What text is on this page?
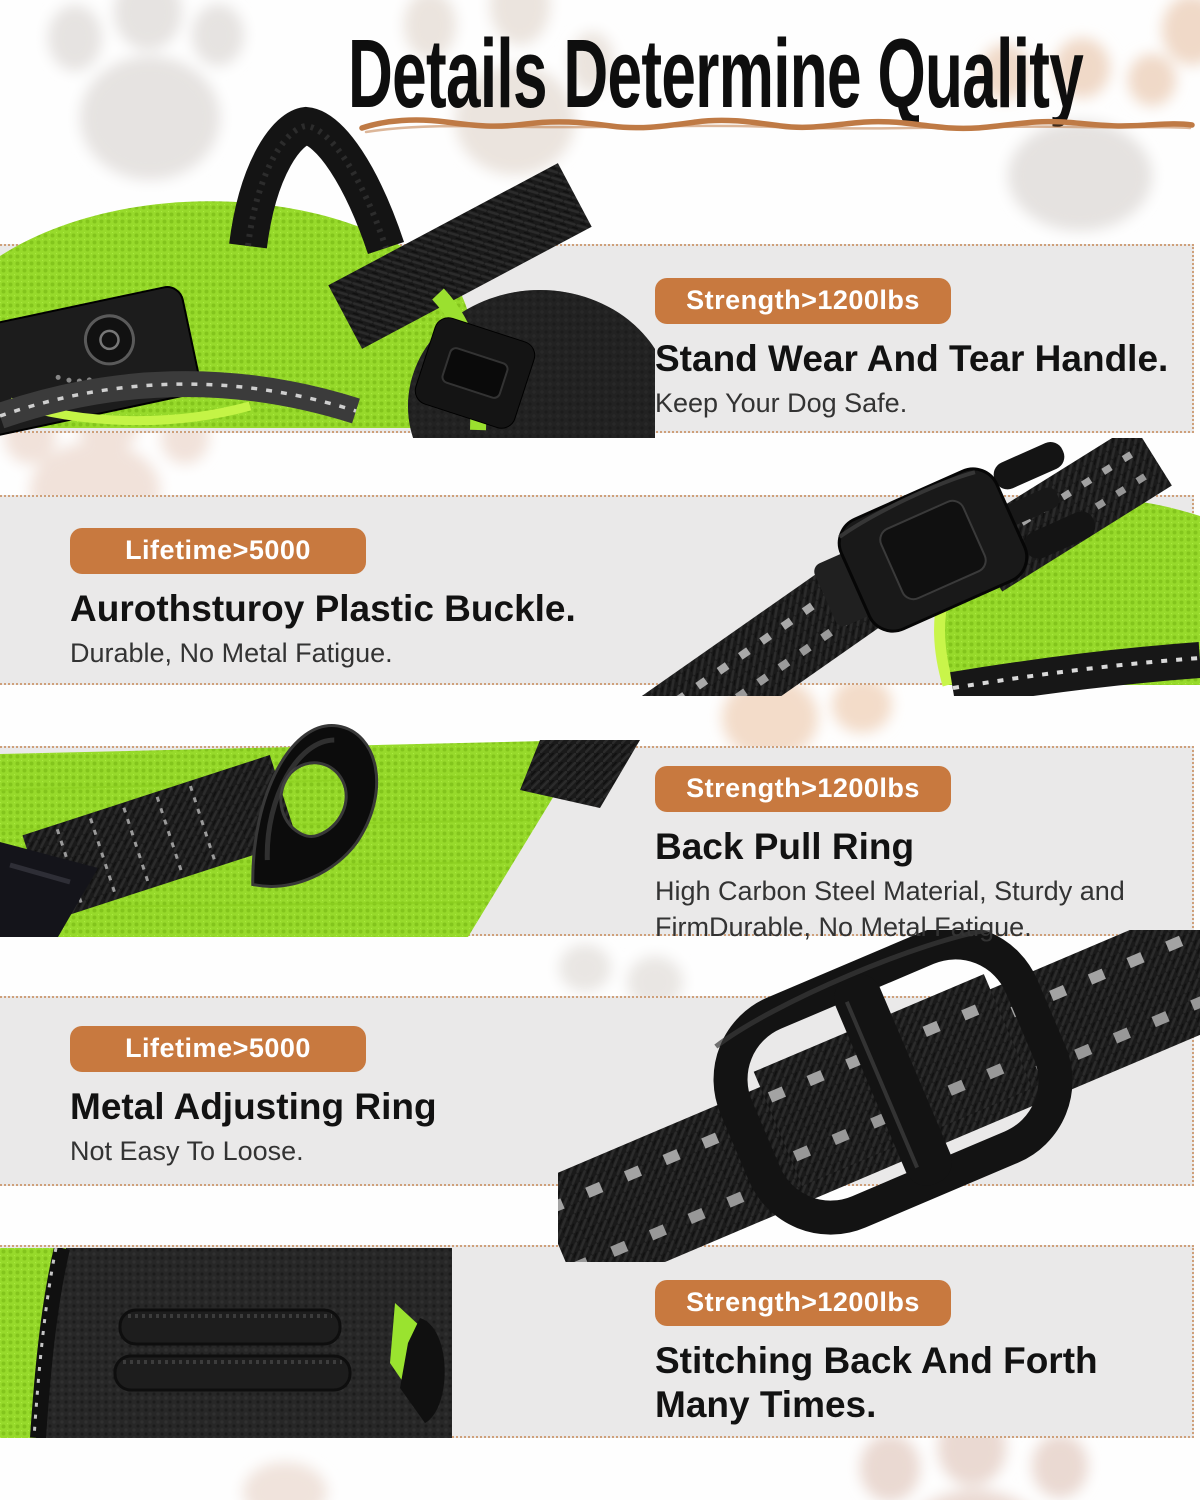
Details Determine Quality
Strength>1200lbs
Stand Wear And Tear Handle.
Keep Your Dog Safe.
Lifetime>5000
Aurothsturoy Plastic Buckle.
Durable, No Metal Fatigue.
Strength>1200lbs
Back Pull Ring
High Carbon Steel Material, Sturdy and FirmDurable, No Metal Fatigue.
Lifetime>5000
Metal Adjusting Ring
Not Easy To Loose.
Strength>1200lbs
Stitching Back And Forth Many Times.
